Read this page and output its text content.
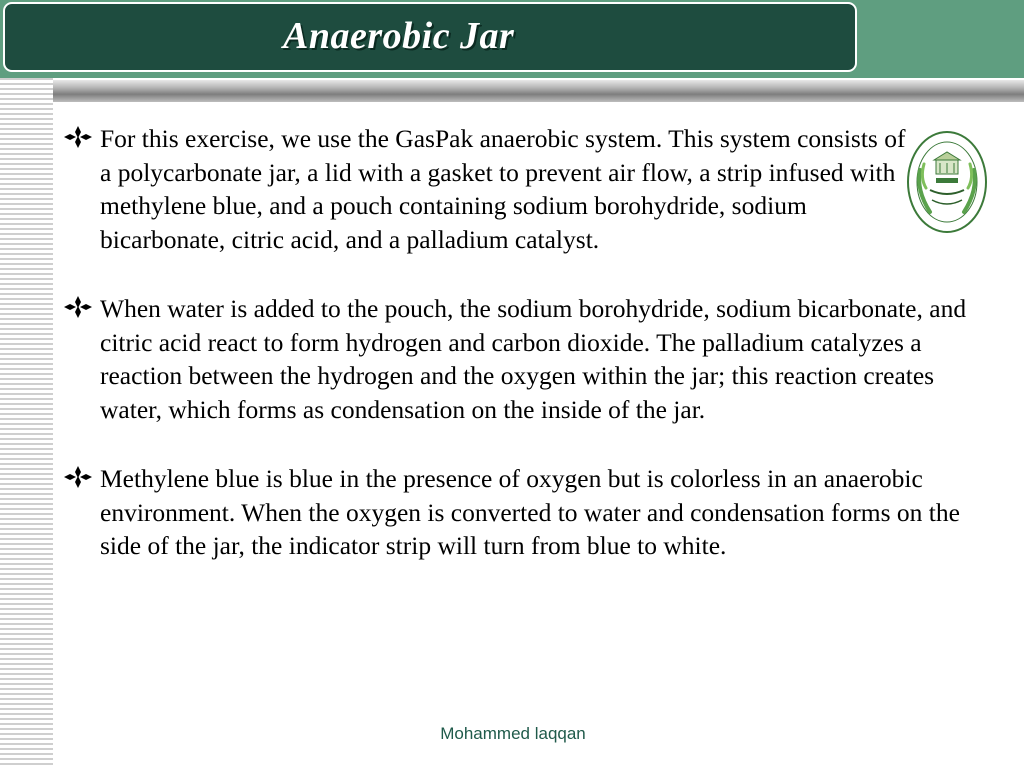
Anaerobic Jar

For this exercise, we use the GasPak anaerobic system. This system consists of a polycarbonate jar, a lid with a gasket to prevent air flow, a strip infused with methylene blue, and a pouch containing sodium borohydride, sodium bicarbonate, citric acid, and a palladium catalyst.

When water is added to the pouch, the sodium borohydride, sodium bicarbonate, and citric acid react to form hydrogen and carbon dioxide. The palladium catalyzes a reaction between the hydrogen and the oxygen within the jar; this reaction creates water, which forms as condensation on the inside of the jar.

Methylene blue is blue in the presence of oxygen but is colorless in an anaerobic environment. When the oxygen is converted to water and condensation forms on the side of the jar, the indicator strip will turn from blue to white.

Mohammed laqqan
